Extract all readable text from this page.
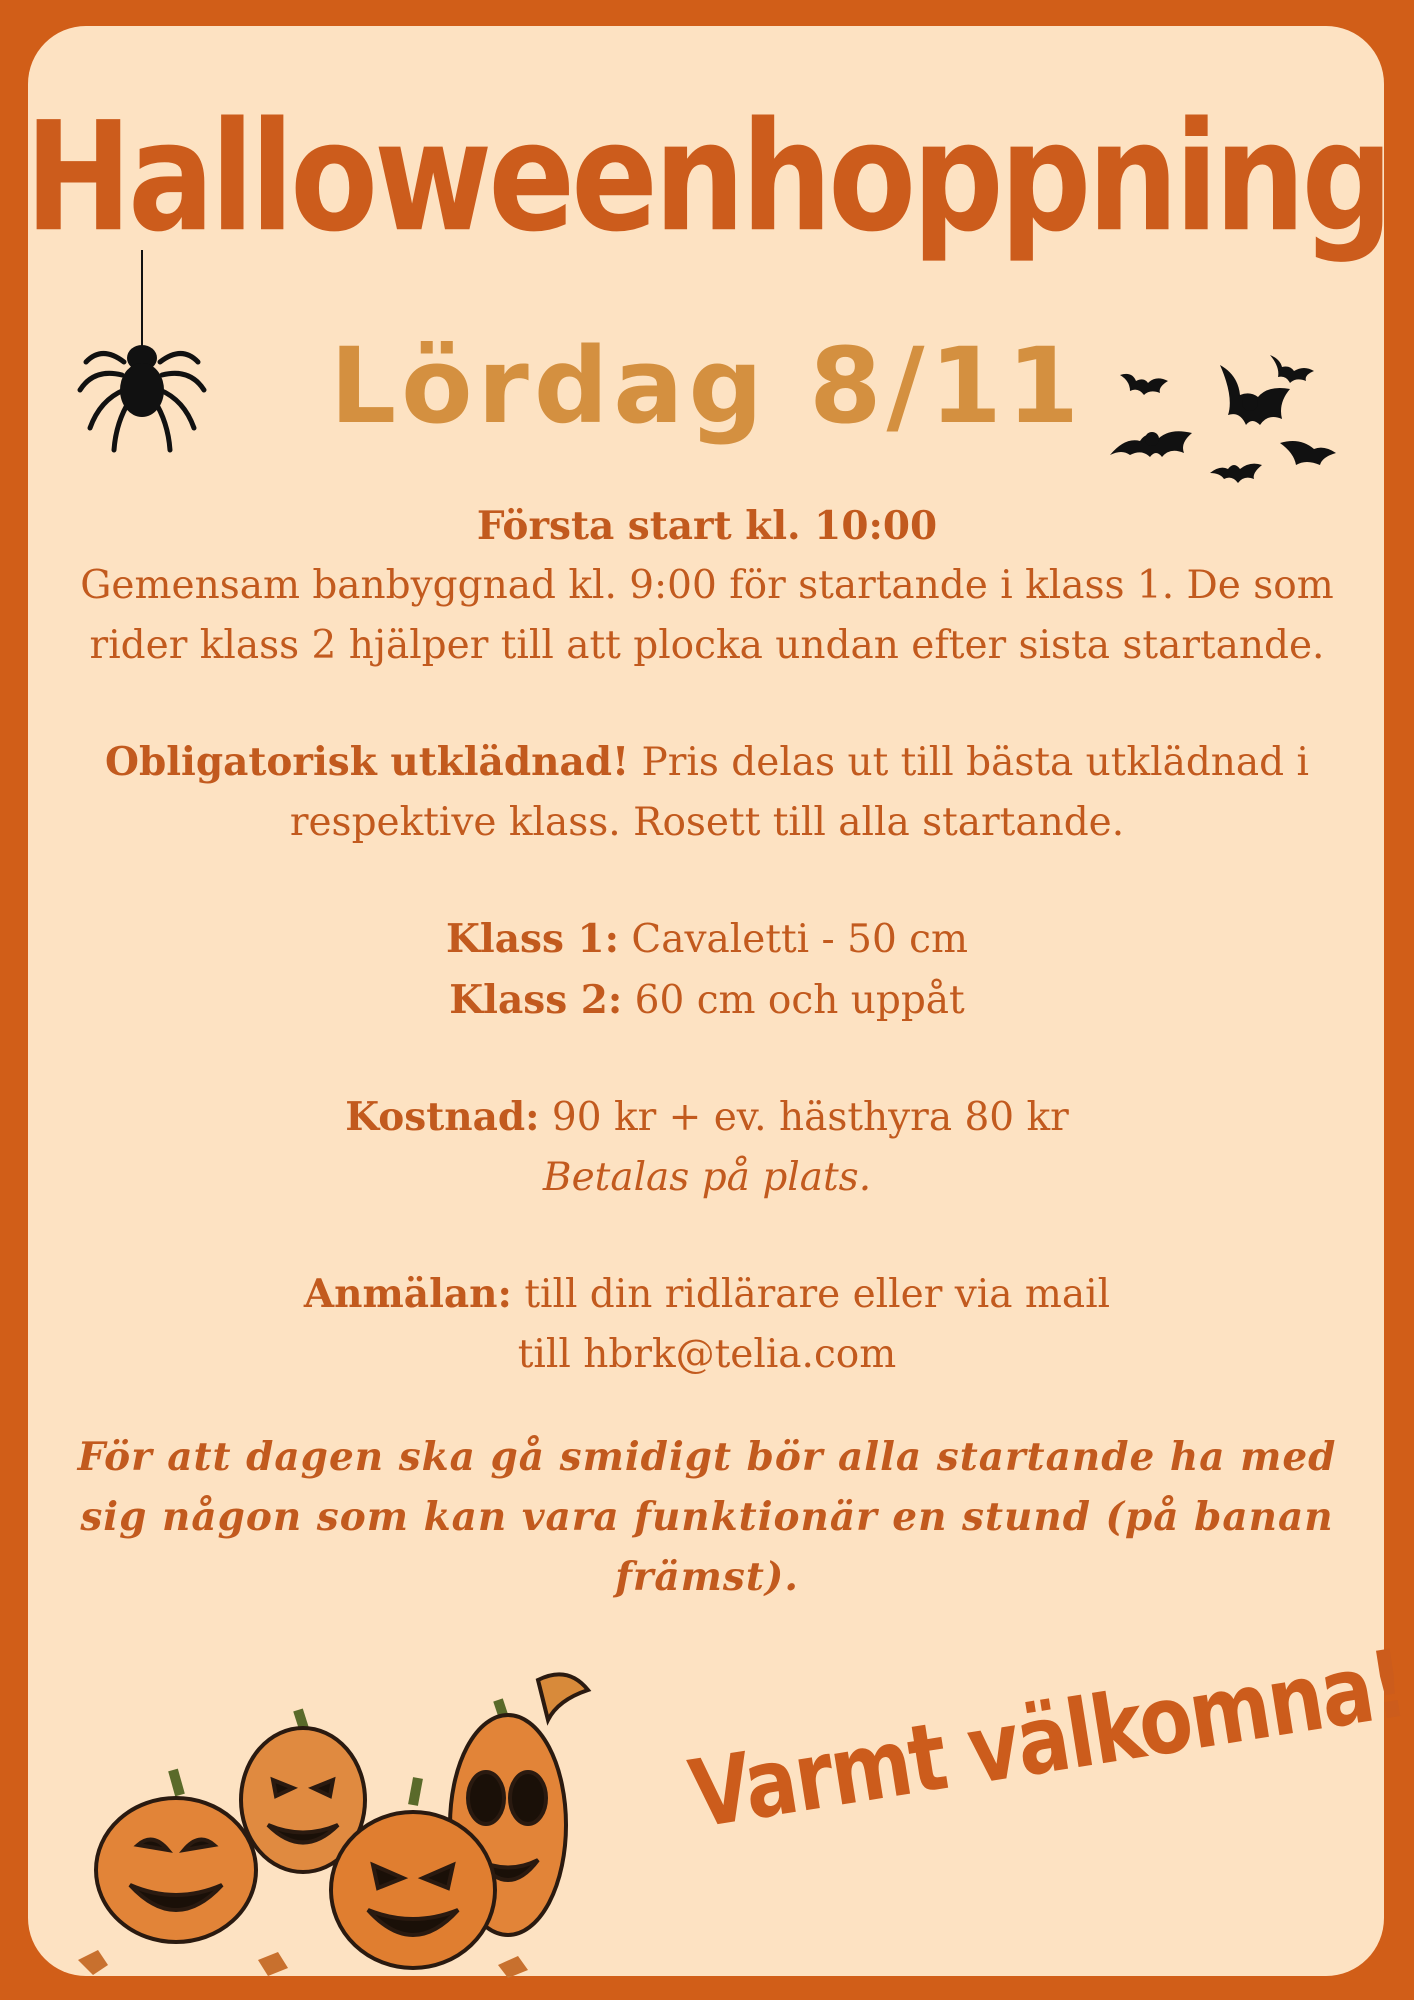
Halloweenhoppning
Lördag 8/11

Första start kl. 10:00

Gemensam banbyggnad kl. 9:00 för startande i klass 1. De som rider klass 2 hjälper till att plocka undan efter sista startande.

Obligatorisk utklädnad! Pris delas ut till bästa utklädnad i respektive klass. Rosett till alla startande.

Klass 1: Cavaletti - 50 cm

Klass 2: 60 cm och uppåt

Kostnad: 90 kr + ev. hästhyra 80 kr

Betalas på plats.

Anmälan: till din ridlärare eller via mail

till hbrk@telia.com

För att dagen ska gå smidigt bör alla startande ha med sig någon som kan vara funktionär en stund (på banan främst).

Varmt välkomna!
